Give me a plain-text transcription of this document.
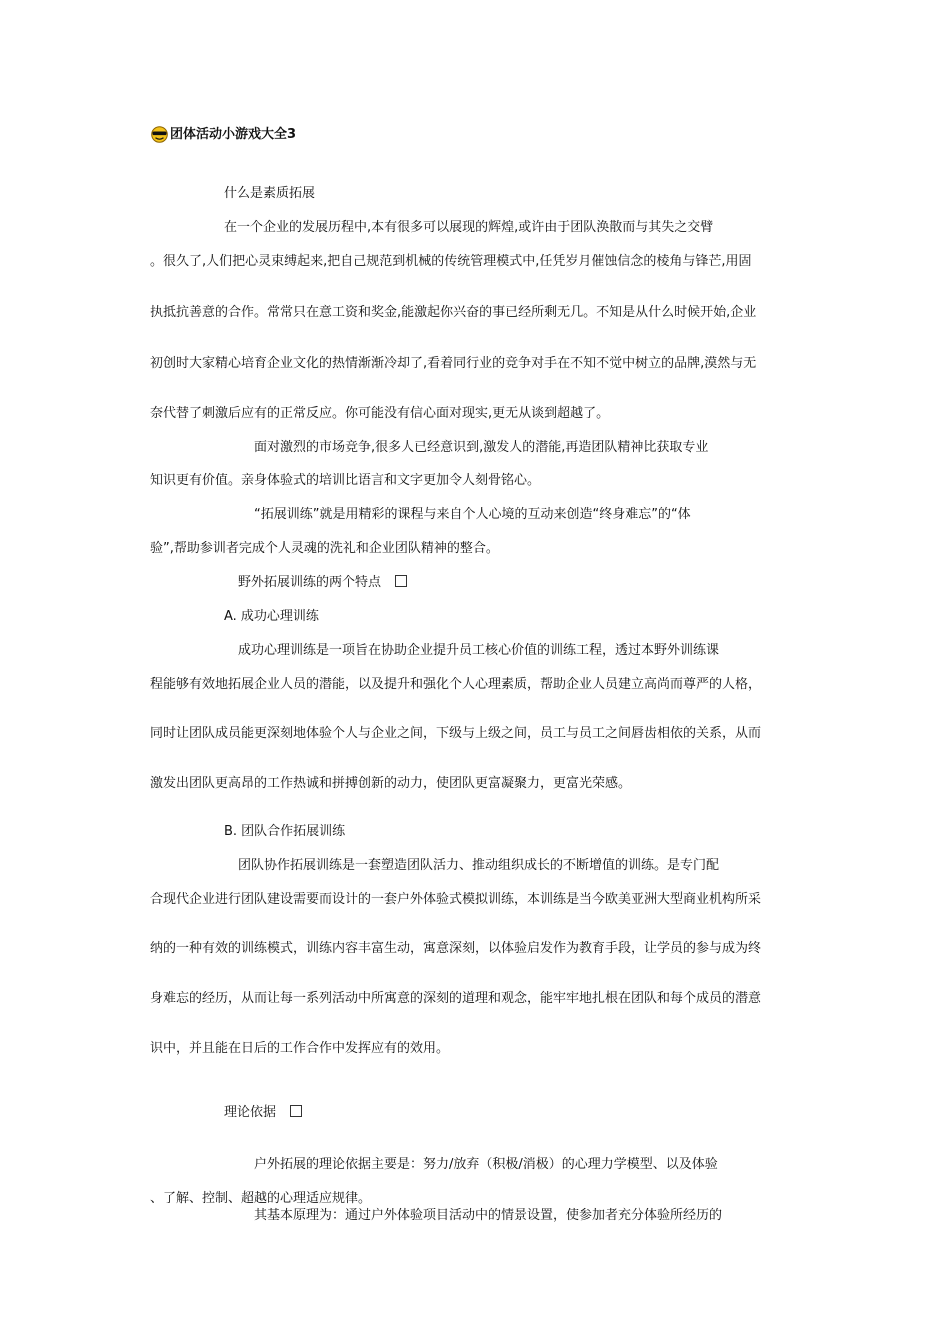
团体活动小游戏大全3

什么是素质拓展

在一个企业的发展历程中,本有很多可以展现的辉煌,或许由于团队涣散而与其失之交臂

。很久了,人们把心灵束缚起来,把自己规范到机械的传统管理模式中,任凭岁月催蚀信念的棱角与锋芒,用固

执抵抗善意的合作。常常只在意工资和奖金,能激起你兴奋的事已经所剩无几。不知是从什么时候开始,企业

初创时大家精心培育企业文化的热情渐渐冷却了,看着同行业的竞争对手在不知不觉中树立的品牌,漠然与无

奈代替了刺激后应有的正常反应。你可能没有信心面对现实,更无从谈到超越了。

面对激烈的市场竞争,很多人已经意识到,激发人的潜能,再造团队精神比获取专业

知识更有价值。亲身体验式的培训比语言和文字更加令人刻骨铭心。

“拓展训练”就是用精彩的课程与来自个人心境的互动来创造“终身难忘”的“体

验”,帮助参训者完成个人灵魂的洗礼和企业团队精神的整合。

野外拓展训练的两个特点

A. 成功心理训练

成功心理训练是一项旨在协助企业提升员工核心价值的训练工程，透过本野外训练课

程能够有效地拓展企业人员的潜能，以及提升和强化个人心理素质，帮助企业人员建立高尚而尊严的人格，

同时让团队成员能更深刻地体验个人与企业之间，下级与上级之间，员工与员工之间唇齿相依的关系，从而

激发出团队更高昂的工作热诚和拼搏创新的动力，使团队更富凝聚力，更富光荣感。

B. 团队合作拓展训练

团队协作拓展训练是一套塑造团队活力、推动组织成长的不断增值的训练。是专门配

合现代企业进行团队建设需要而设计的一套户外体验式模拟训练，本训练是当今欧美亚洲大型商业机构所采

纳的一种有效的训练模式，训练内容丰富生动，寓意深刻，以体验启发作为教育手段，让学员的参与成为终

身难忘的经历，从而让每一系列活动中所寓意的深刻的道理和观念，能牢牢地扎根在团队和每个成员的潜意

识中，并且能在日后的工作合作中发挥应有的效用。

理论依据

户外拓展的理论依据主要是：努力/放弃（积极/消极）的心理力学模型、以及体验

、了解、控制、超越的心理适应规律。

其基本原理为：通过户外体验项目活动中的情景设置，使参加者充分体验所经历的
